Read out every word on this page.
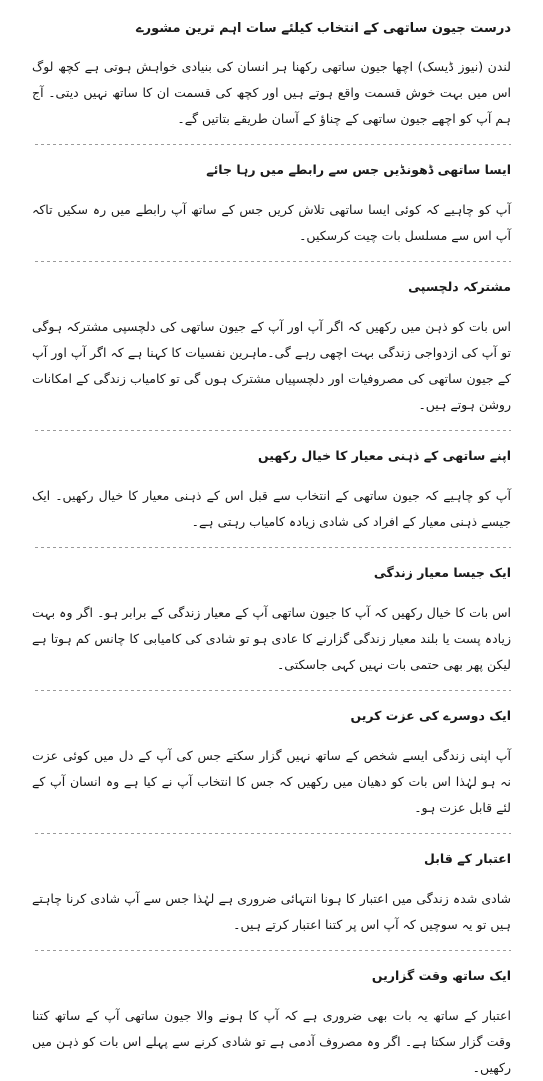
درست جیون ساتھی کے انتخاب کیلئے سات اہم ترین مشورے

لندن (نیوز ڈیسک) اچھا جیون ساتھی رکھنا ہر انسان کی بنیادی خواہش ہوتی ہے کچھ لوگ اس میں بہت خوش قسمت واقع ہوتے ہیں اور کچھ کی قسمت ان کا ساتھ نہیں دیتی۔ آج ہم آپ کو اچھے جیون ساتھی کے چناؤ کے آسان طریقے بتاتیں گے۔

ایسا ساتھی ڈھونڈیں جس سے رابطے میں رہا جائے

آپ کو چاہیے کہ کوئی ایسا ساتھی تلاش کریں جس کے ساتھ آپ رابطے میں رہ سکیں تاکہ آپ اس سے مسلسل بات چیت کرسکیں۔

مشترکہ دلچسپی

اس بات کو ذہن میں رکھیں کہ اگر آپ اور آپ کے جیون ساتھی کی دلچسپی مشترکہ ہوگی تو آپ کی ازدواجی زندگی بہت اچھی رہے گی۔ماہرین نفسیات کا کہنا ہے کہ اگر آپ اور آپ کے جیون ساتھی کی مصروفیات اور دلچسپیاں مشترک ہوں گی تو کامیاب زندگی کے امکانات روشن ہوتے ہیں۔

اپنے ساتھی کے ذہنی معیار کا خیال رکھیں

آپ کو چاہیے کہ جیون ساتھی کے انتخاب سے قبل اس کے ذہنی معیار کا خیال رکھیں۔ ایک جیسے ذہنی معیار کے افراد کی شادی زیادہ کامیاب رہتی ہے۔

ایک جیسا معیار زندگی

اس بات کا خیال رکھیں کہ آپ کا جیون ساتھی آپ کے معیار زندگی کے برابر ہو۔ اگر وہ بہت زیادہ پست یا بلند معیار زندگی گزارنے کا عادی ہو تو شادی کی کامیابی کا چانس کم ہوتا ہے لیکن پھر بھی حتمی بات نہیں کہی جاسکتی۔

ایک دوسرے کی عزت کریں

آپ اپنی زندگی ایسے شخص کے ساتھ نہیں گزار سکتے جس کی آپ کے دل میں کوئی عزت نہ ہو لہٰذا اس بات کو دھیان میں رکھیں کہ جس کا انتخاب آپ نے کیا ہے وہ انسان آپ کے لئے قابل عزت ہو۔

اعتبار کے قابل

شادی شدہ زندگی میں اعتبار کا ہونا انتہائی ضروری ہے لہٰذا جس سے آپ شادی کرنا چاہتے ہیں تو یہ سوچیں کہ آپ اس پر کتنا اعتبار کرتے ہیں۔

ایک ساتھ وقت گزاریں

اعتبار کے ساتھ یہ بات بھی ضروری ہے کہ آپ کا ہونے والا جیون ساتھی آپ کے ساتھ کتنا وقت گزار سکتا ہے۔ اگر وہ مصروف آدمی ہے تو شادی کرنے سے پہلے اس بات کو ذہن میں رکھیں۔
